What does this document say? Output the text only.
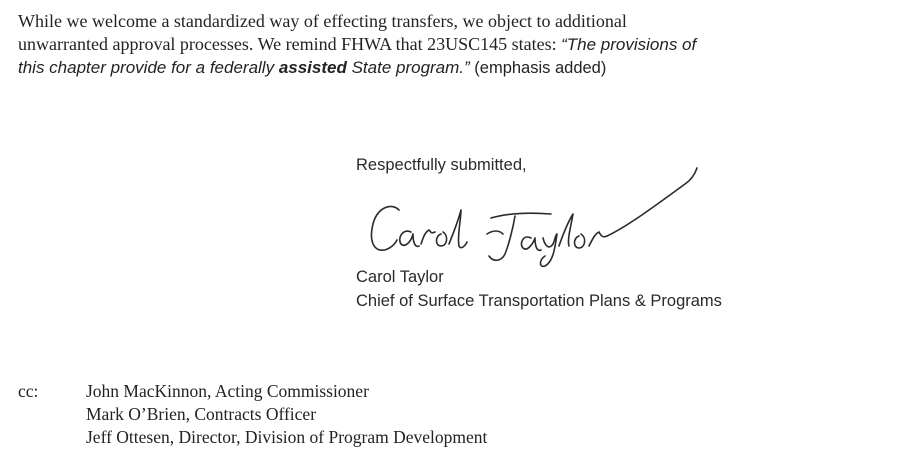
While we welcome a standardized way of effecting transfers, we object to additional
unwarranted approval processes. We remind FHWA that 23USC145 states: “The provisions of
this chapter provide for a federally assisted State program.” (emphasis added)
Respectfully submitted,
Carol Taylor
Chief of Surface Transportation Plans & Programs
cc:	John MacKinnon, Acting Commissioner
Mark O’Brien, Contracts Officer
Jeff Ottesen, Director, Division of Program Development
